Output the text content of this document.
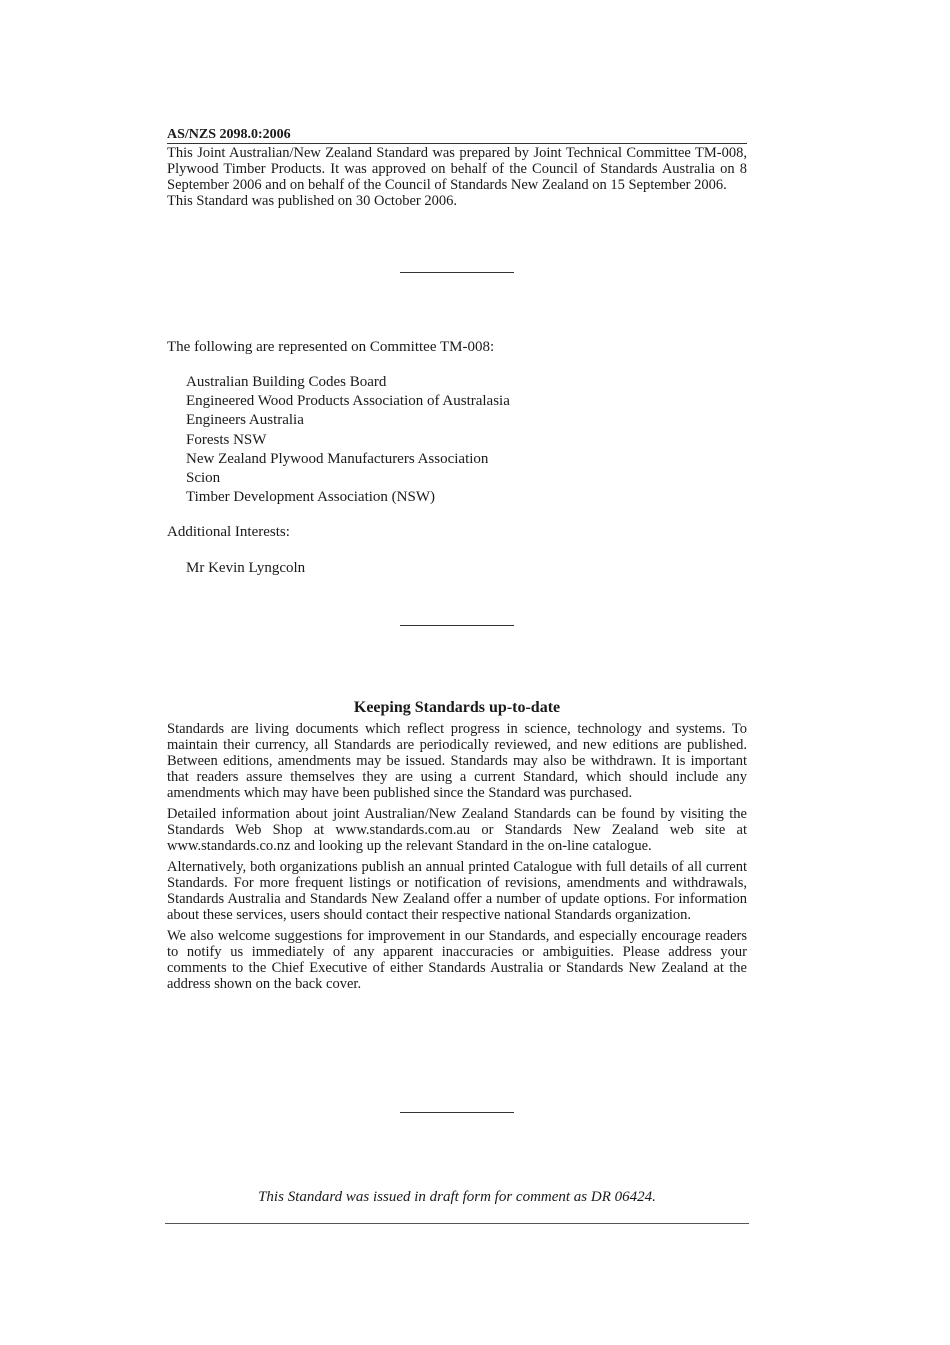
AS/NZS 2098.0:2006

This Joint Australian/New Zealand Standard was prepared by Joint Technical Committee TM-008, Plywood Timber Products. It was approved on behalf of the Council of Standards Australia on 8 September 2006 and on behalf of the Council of Standards New Zealand on 15 September 2006.

This Standard was published on 30 October 2006.

The following are represented on Committee TM-008:

Australian Building Codes Board
Engineered Wood Products Association of Australasia
Engineers Australia
Forests NSW
New Zealand Plywood Manufacturers Association
Scion
Timber Development Association (NSW)

Additional Interests:

Mr Kevin Lyngcoln
Keeping Standards up-to-date

Standards are living documents which reflect progress in science, technology and systems. To maintain their currency, all Standards are periodically reviewed, and new editions are published. Between editions, amendments may be issued. Standards may also be withdrawn. It is important that readers assure themselves they are using a current Standard, which should include any amendments which may have been published since the Standard was purchased.

Detailed information about joint Australian/New Zealand Standards can be found by visiting the Standards Web Shop at www.standards.com.au or Standards New Zealand web site at www.standards.co.nz and looking up the relevant Standard in the on-line catalogue.

Alternatively, both organizations publish an annual printed Catalogue with full details of all current Standards. For more frequent listings or notification of revisions, amendments and withdrawals, Standards Australia and Standards New Zealand offer a number of update options. For information about these services, users should contact their respective national Standards organization.

We also welcome suggestions for improvement in our Standards, and especially encourage readers to notify us immediately of any apparent inaccuracies or ambiguities. Please address your comments to the Chief Executive of either Standards Australia or Standards New Zealand at the address shown on the back cover.

This Standard was issued in draft form for comment as DR 06424.
